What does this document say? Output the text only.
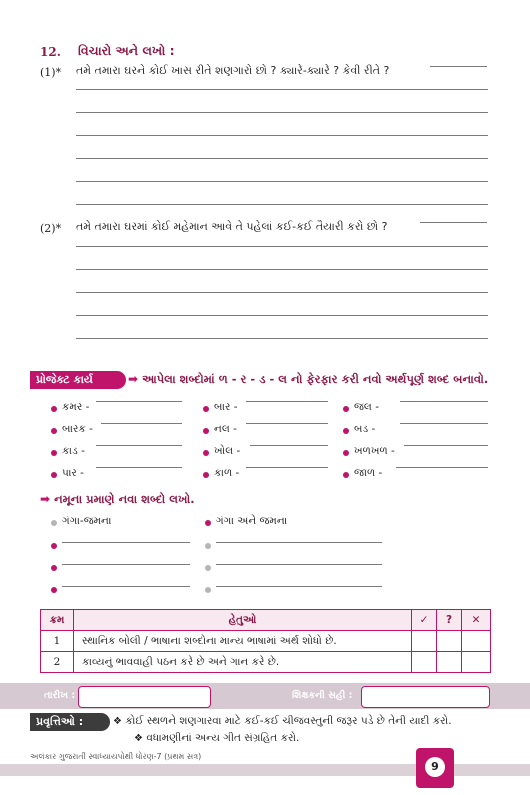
12. વિચારો અને લખો :
(1)* તમે તમારા ઘરને કોઈ ખાસ રીતે શણગારો છો ? ક્યારે-ક્યારે ? કેવી રીતે ?
(2)* તમે તમારા ઘરમાં કોઈ મહેમાન આવે તે પહેલાં કઈ-કઈ તૈયારી કરો છો ?
પ્રોજેક્ટ કાર્ય	➡ આપેલા શબ્દોમાં ળ - ર - ડ - લ નો ફેરફાર કરી નવો અર્થપૂર્ણ શબ્દ બનાવો.
કમર -	બાર -	જલ -
બારક -	નલ -	બડ -
કાડ -	ખોલ -	ખળખળ -
પાર -	કાળ -	જાળ -
➡ નમૂના પ્રમાણે નવા શબ્દો લખો.
ગંગા-જમના	ગંગા અને જમના
ક્રમ	હેતુઓ	✓	?	✕
1	સ્થાનિક બોલી / ભાષાના શબ્દોના માન્ય ભાષામાં અર્થ શોધો છે.			
2	કાવ્યનું ભાવવાહી પઠન કરે છે અને ગાન કરે છે.			
તારીખ :	શિક્ષકની સહી :
પ્રવૃત્તિઓ :	❖ કોઈ સ્થળને શણગારવા માટે કઈ-કઈ ચીજવસ્તુની જરૂર પડે છે તેની યાદી કરો.
❖ વધામણીનાં અન્ય ગીત સંગ્રહિત કરો.
અલંકાર ગુજરાતી સ્વાધ્યાયપોથી ધોરણ-7 (પ્રથમ સત્ર)
9
